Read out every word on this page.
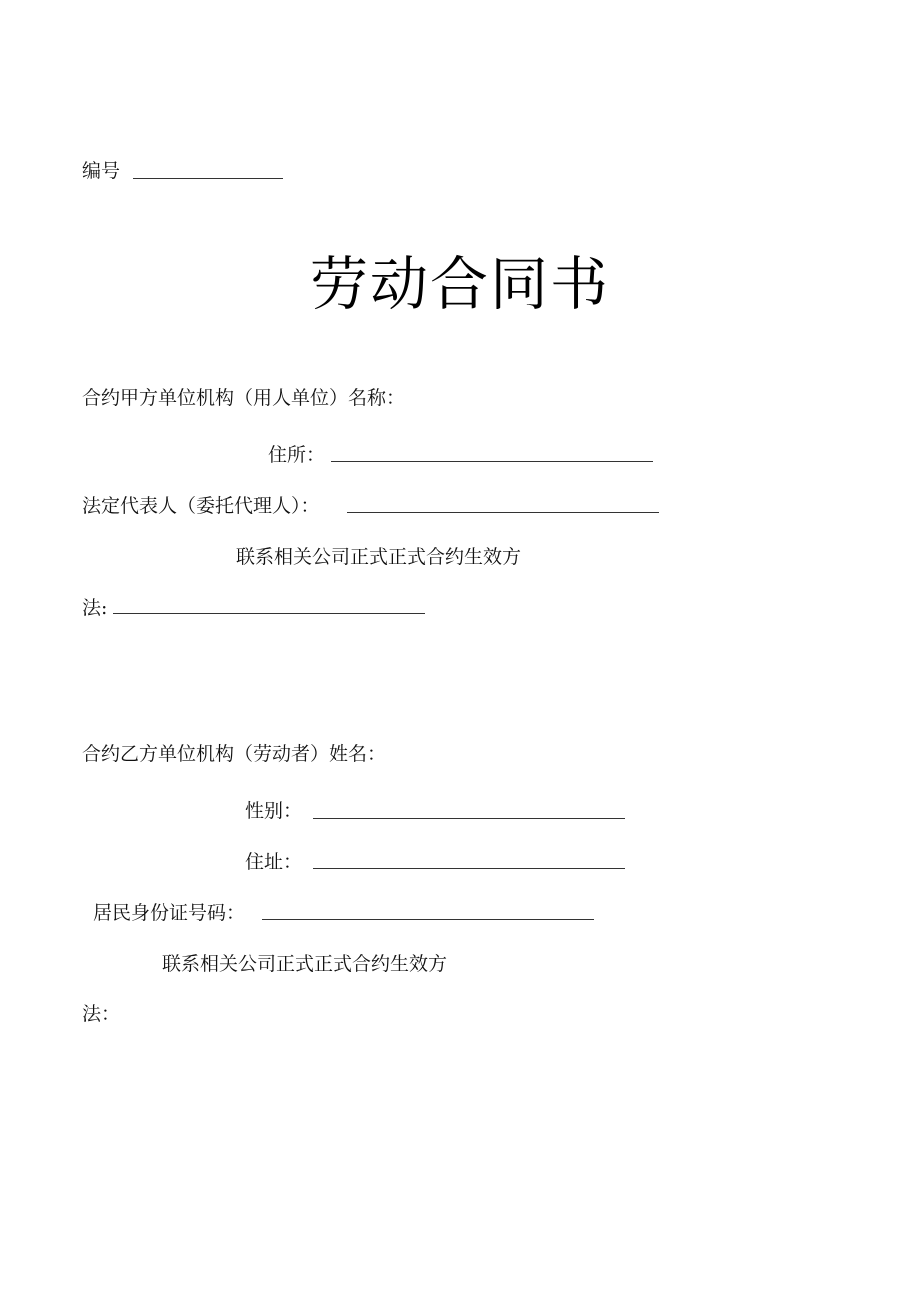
编号
劳动合同书
合约甲方单位机构（用人单位）名称：
住所：
法定代表人（委托代理人）：
联系相关公司正式正式合约生效方
法:
合约乙方单位机构（劳动者）姓名：
性别：
住址：
居民身份证号码：
联系相关公司正式正式合约生效方
法：
